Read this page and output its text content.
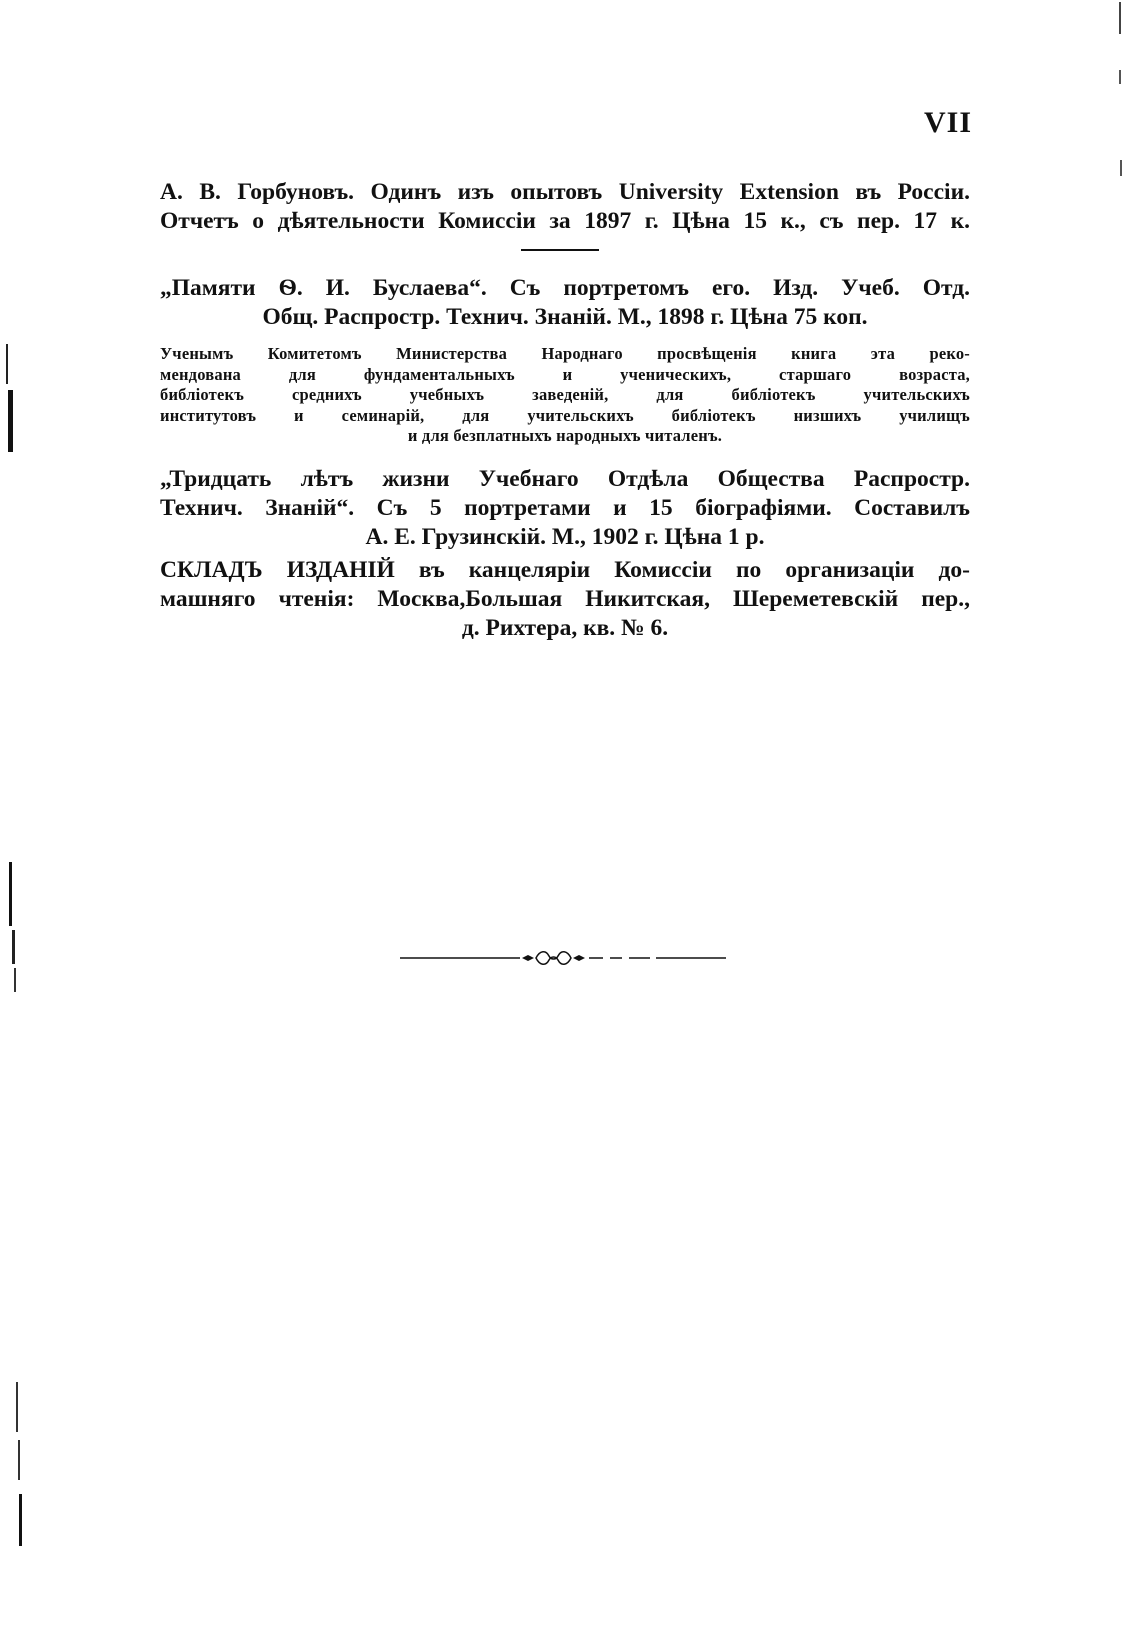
VII

А. В. Горбуновъ. Одинъ изъ опытовъ University Extension въ Россіи.

Отчетъ о дѣятельности Комиссіи за 1897 г. Цѣна 15 к., съ пер. 17 к.

„Памяти Ѳ. И. Буслаева“. Съ портретомъ его. Изд. Учеб. Отд.

Общ. Распростр. Технич. Знаній. М., 1898 г. Цѣна 75 коп.

Ученымъ Комитетомъ Министерства Народнаго просвѣщенія книга эта реко-

мендована для фундаментальныхъ и ученическихъ, старшаго возраста,

библіотекъ среднихъ учебныхъ заведеній, для библіотекъ учительскихъ

институтовъ и семинарій, для учительскихъ библіотекъ низшихъ училищъ

и для безплатныхъ народныхъ читаленъ.

„Тридцать лѣтъ жизни Учебнаго Отдѣла Общества Распростр.

Технич. Знаній“. Съ 5 портретами и 15 біографіями. Составилъ

А. Е. Грузинскій. М., 1902 г. Цѣна 1 р.

СКЛАДЪ ИЗДАНІЙ въ канцеляріи Комиссіи по организаціи до-

машняго чтенія: Москва,Большая Никитская, Шереметевскій пер.,

д. Рихтера, кв. № 6.
